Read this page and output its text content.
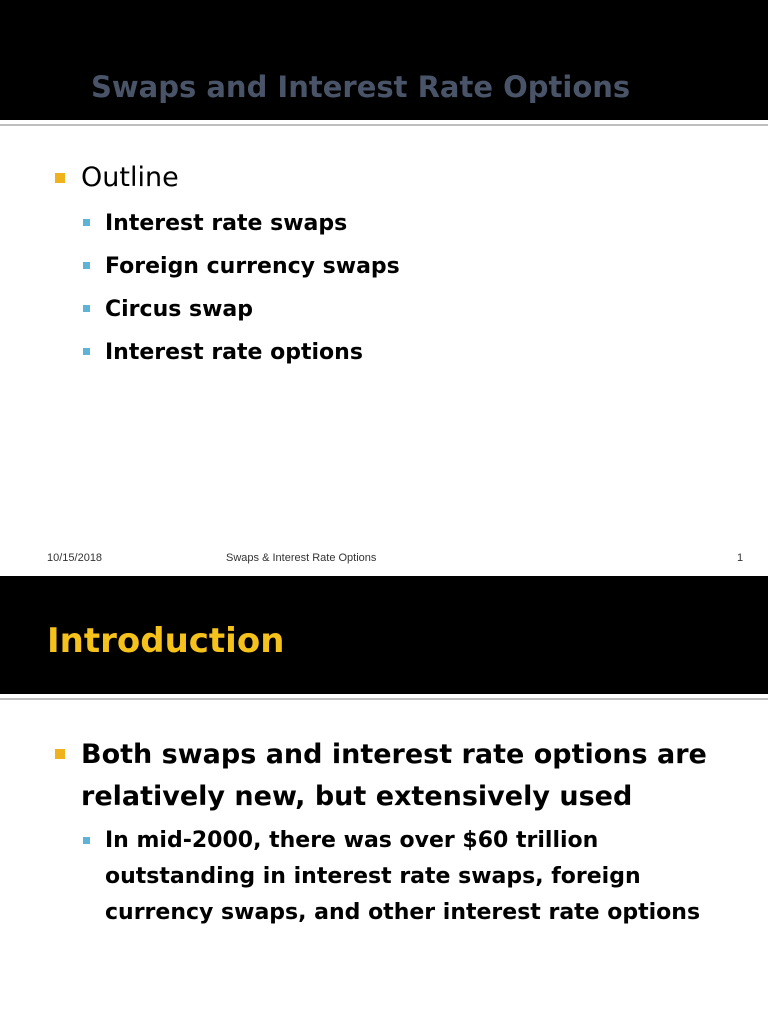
Swaps and Interest Rate Options
Outline
Interest rate swaps
Foreign currency swaps
Circus swap
Interest rate options
10/15/2018	Swaps & Interest Rate Options	1
Introduction
Both swaps and interest rate options are relatively new, but extensively used
In mid-2000, there was over $60 trillion outstanding in interest rate swaps, foreign currency swaps, and other interest rate options
